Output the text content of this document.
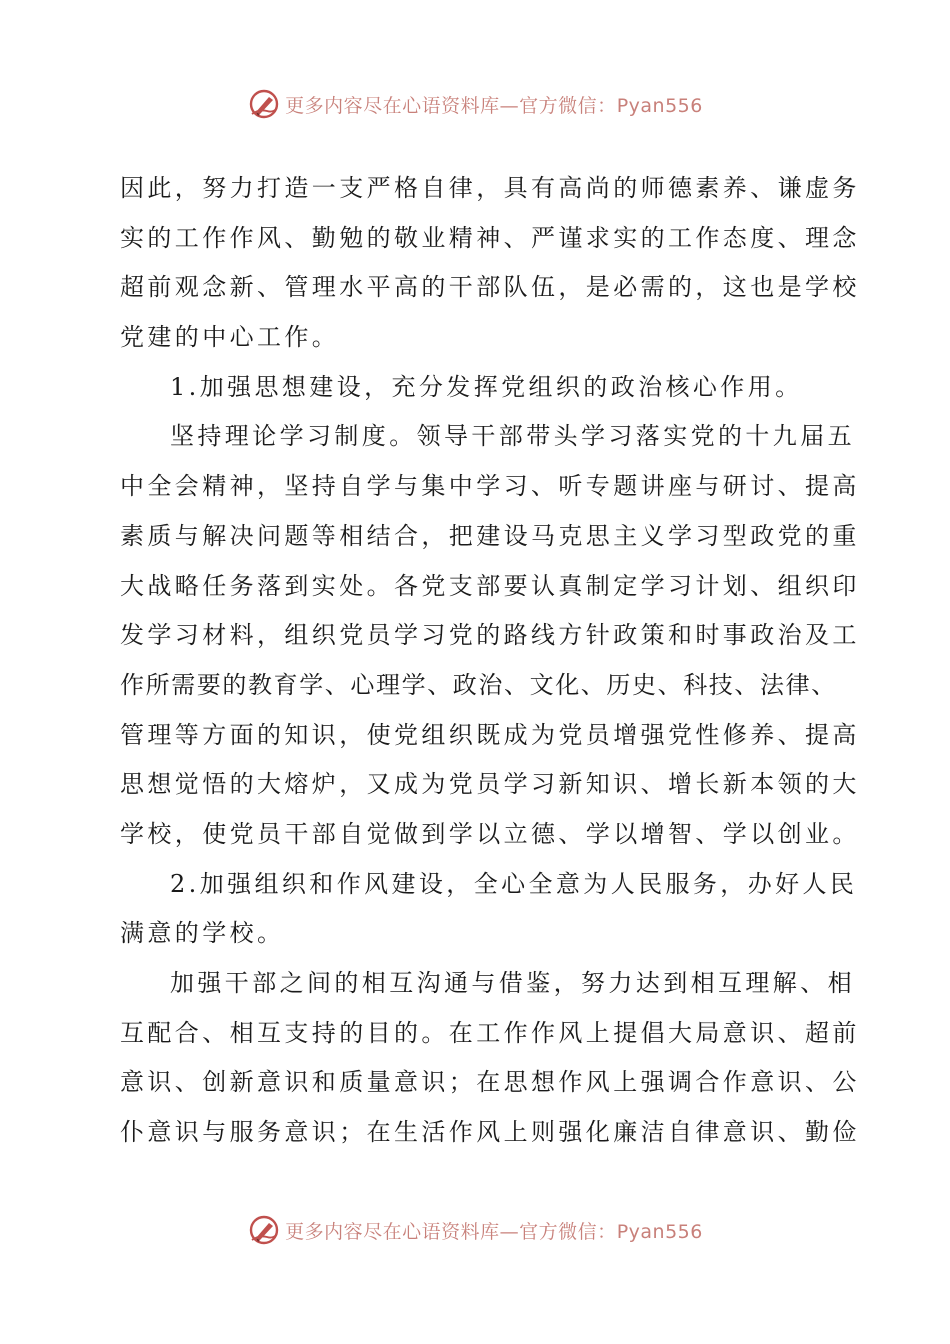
更多内容尽在心语资料库—官方微信：Pyan556
因此，努力打造一支严格自律，具有高尚的师德素养、谦虚务
实的工作作风、勤勉的敬业精神、严谨求实的工作态度、理念
超前观念新、管理水平高的干部队伍，是必需的，这也是学校
党建的中心工作。
1.加强思想建设，充分发挥党组织的政治核心作用。
坚持理论学习制度。领导干部带头学习落实党的十九届五
中全会精神，坚持自学与集中学习、听专题讲座与研讨、提高
素质与解决问题等相结合，把建设马克思主义学习型政党的重
大战略任务落到实处。各党支部要认真制定学习计划、组织印
发学习材料，组织党员学习党的路线方针政策和时事政治及工
作所需要的教育学、心理学、政治、文化、历史、科技、法律、
管理等方面的知识，使党组织既成为党员增强党性修养、提高
思想觉悟的大熔炉，又成为党员学习新知识、增长新本领的大
学校，使党员干部自觉做到学以立德、学以增智、学以创业。
2.加强组织和作风建设，全心全意为人民服务，办好人民
满意的学校。
加强干部之间的相互沟通与借鉴，努力达到相互理解、相
互配合、相互支持的目的。在工作作风上提倡大局意识、超前
意识、创新意识和质量意识；在思想作风上强调合作意识、公
仆意识与服务意识；在生活作风上则强化廉洁自律意识、勤俭
更多内容尽在心语资料库—官方微信：Pyan556
